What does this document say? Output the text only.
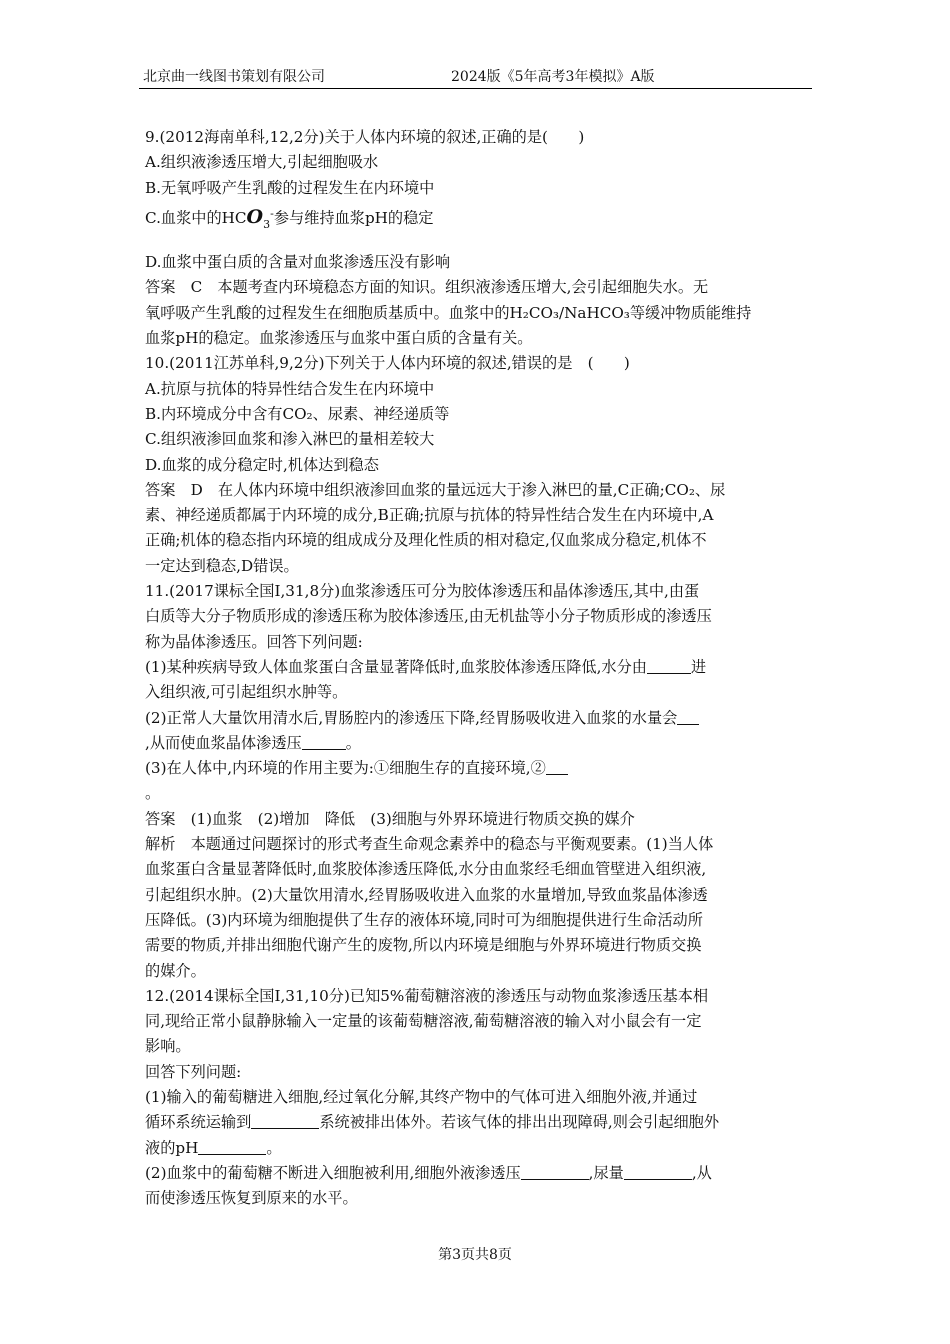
北京曲一线图书策划有限公司	2024版《5年高考3年模拟》A版

9.(2012海南单科,12,2分)关于人体内环境的叙述,正确的是(　　)

A.组织液渗透压增大,引起细胞吸水

B.无氧呼吸产生乳酸的过程发生在内环境中

C.血浆中的$HCO_3^-$参与维持血浆pH的稳定

D.血浆中蛋白质的含量对血浆渗透压没有影响

答案　C　本题考查内环境稳态方面的知识。组织液渗透压增大,会引起细胞失水。无

氧呼吸产生乳酸的过程发生在细胞质基质中。血浆中的H₂CO₃/NaHCO₃等缓冲物质能维持

血浆pH的稳定。血浆渗透压与血浆中蛋白质的含量有关。

10.(2011江苏单科,9,2分)下列关于人体内环境的叙述,错误的是　(　　)

A.抗原与抗体的特异性结合发生在内环境中

B.内环境成分中含有CO₂、尿素、神经递质等

C.组织液渗回血浆和渗入淋巴的量相差较大

D.血浆的成分稳定时,机体达到稳态

答案　D　在人体内环境中组织液渗回血浆的量远远大于渗入淋巴的量,C正确;CO₂、尿

素、神经递质都属于内环境的成分,B正确;抗原与抗体的特异性结合发生在内环境中,A

正确;机体的稳态指内环境的组成成分及理化性质的相对稳定,仅血浆成分稳定,机体不

一定达到稳态,D错误。

11.(2017课标全国Ⅰ,31,8分)血浆渗透压可分为胶体渗透压和晶体渗透压,其中,由蛋

白质等大分子物质形成的渗透压称为胶体渗透压,由无机盐等小分子物质形成的渗透压

称为晶体渗透压。回答下列问题:

(1)某种疾病导致人体血浆蛋白含量显著降低时,血浆胶体渗透压降低,水分由	进

入组织液,可引起组织水肿等。

(2)正常人大量饮用清水后,胃肠腔内的渗透压下降,经胃肠吸收进入血浆的水量会

,从而使血浆晶体渗透压	。

(3)在人体中,内环境的作用主要为:①细胞生存的直接环境,②

。

答案　(1)血浆　(2)增加　降低　(3)细胞与外界环境进行物质交换的媒介

解析　本题通过问题探讨的形式考查生命观念素养中的稳态与平衡观要素。(1)当人体

血浆蛋白含量显著降低时,血浆胶体渗透压降低,水分由血浆经毛细血管壁进入组织液,

引起组织水肿。(2)大量饮用清水,经胃肠吸收进入血浆的水量增加,导致血浆晶体渗透

压降低。(3)内环境为细胞提供了生存的液体环境,同时可为细胞提供进行生命活动所

需要的物质,并排出细胞代谢产生的废物,所以内环境是细胞与外界环境进行物质交换

的媒介。

12.(2014课标全国Ⅰ,31,10分)已知5%葡萄糖溶液的渗透压与动物血浆渗透压基本相

同,现给正常小鼠静脉输入一定量的该葡萄糖溶液,葡萄糖溶液的输入对小鼠会有一定

影响。

回答下列问题:

(1)输入的葡萄糖进入细胞,经过氧化分解,其终产物中的气体可进入细胞外液,并通过

循环系统运输到	系统被排出体外。若该气体的排出出现障碍,则会引起细胞外

液的pH	。

(2)血浆中的葡萄糖不断进入细胞被利用,细胞外液渗透压	,尿量	,从

而使渗透压恢复到原来的水平。

第3页共8页
